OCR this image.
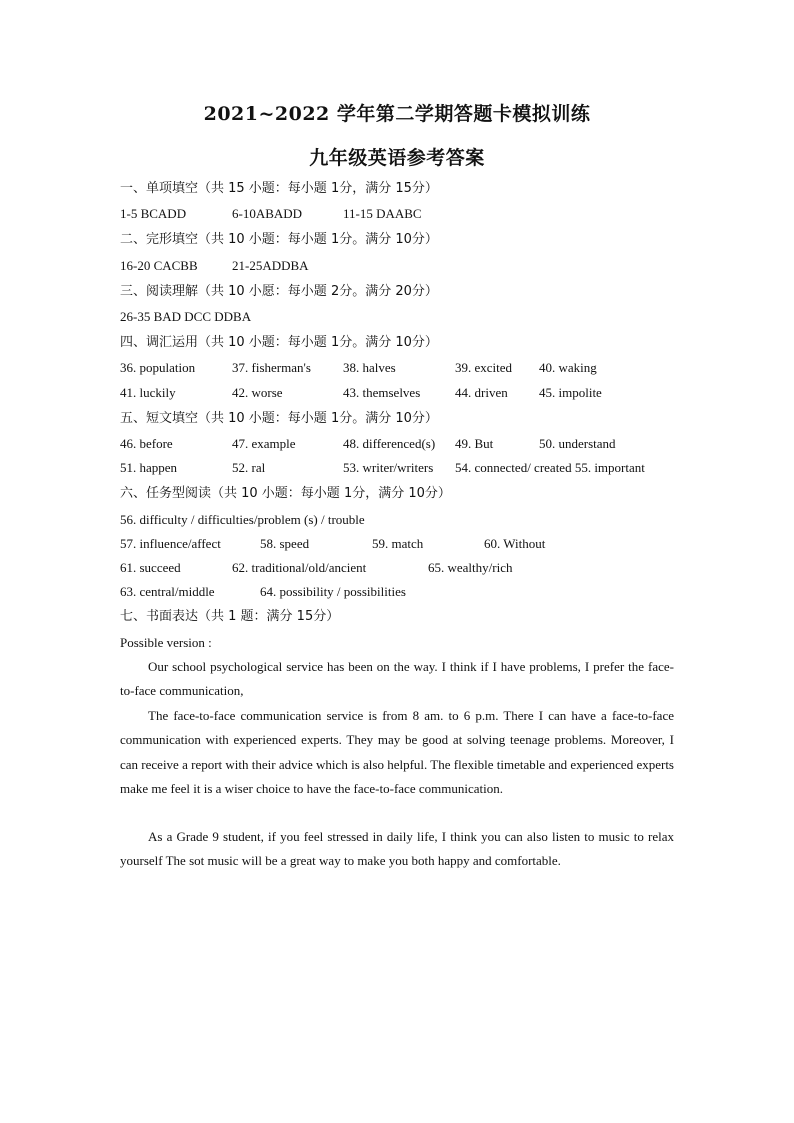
2021~2022 学年第二学期答题卡模拟训练
九年级英语参考答案
一、单项填空（共 15 小题：每小题 1分，满分 15分）
1-5 BCADD	6-10ABADD	11-15 DAABC
二、完形填空（共 10 小题：每小题 1分。满分 10分）
16-20 CACBB	21-25ADDBA
三、阅读理解（共 10 小愿：每小题 2分。满分 20分）
26-35 BAD DCC DDBA
四、调汇运用（共 10 小题：每小题 1分。满分 10分）
36. population	37. fisherman's 38. halves	39. excited 40. waking
41. luckily	42. worse	43. themselves	44. driven 45. impolite
五、短文填空（共 10 小题：每小题 1分。满分 10分）
46. before	47. example	48. differenced(s) 49. But	50. understand
51. happen	52. ral	53. writer/writers 54. connected/ created 55. important
六、任务型阅读（共 10 小题：每小题 1分，满分 10分）
56. difficulty / difficulties/problem (s) / trouble
57. influence/affect	58. speed	59. match	60. Without
61. succeed	62. traditional/old/ancient	65. wealthy/rich
63. central/middle	64. possibility / possibilities
七、书面表达（共 1 题：满分 15分）
Possible version :
Our school psychological service has been on the way. I think if I have problems, I prefer the face-to-face communication,
The face-to-face communication service is from 8 am. to 6 p.m. There I can have a face-to-face communication with experienced experts. They may be good at solving teenage problems. Moreover, I can receive a report with their advice which is also helpful. The flexible timetable and experienced experts make me feel it is a wiser choice to have the face-to-face communication.
As a Grade 9 student, if you feel stressed in daily life, I think you can also listen to music to relax yourself The sot music will be a great way to make you both happy and comfortable.
